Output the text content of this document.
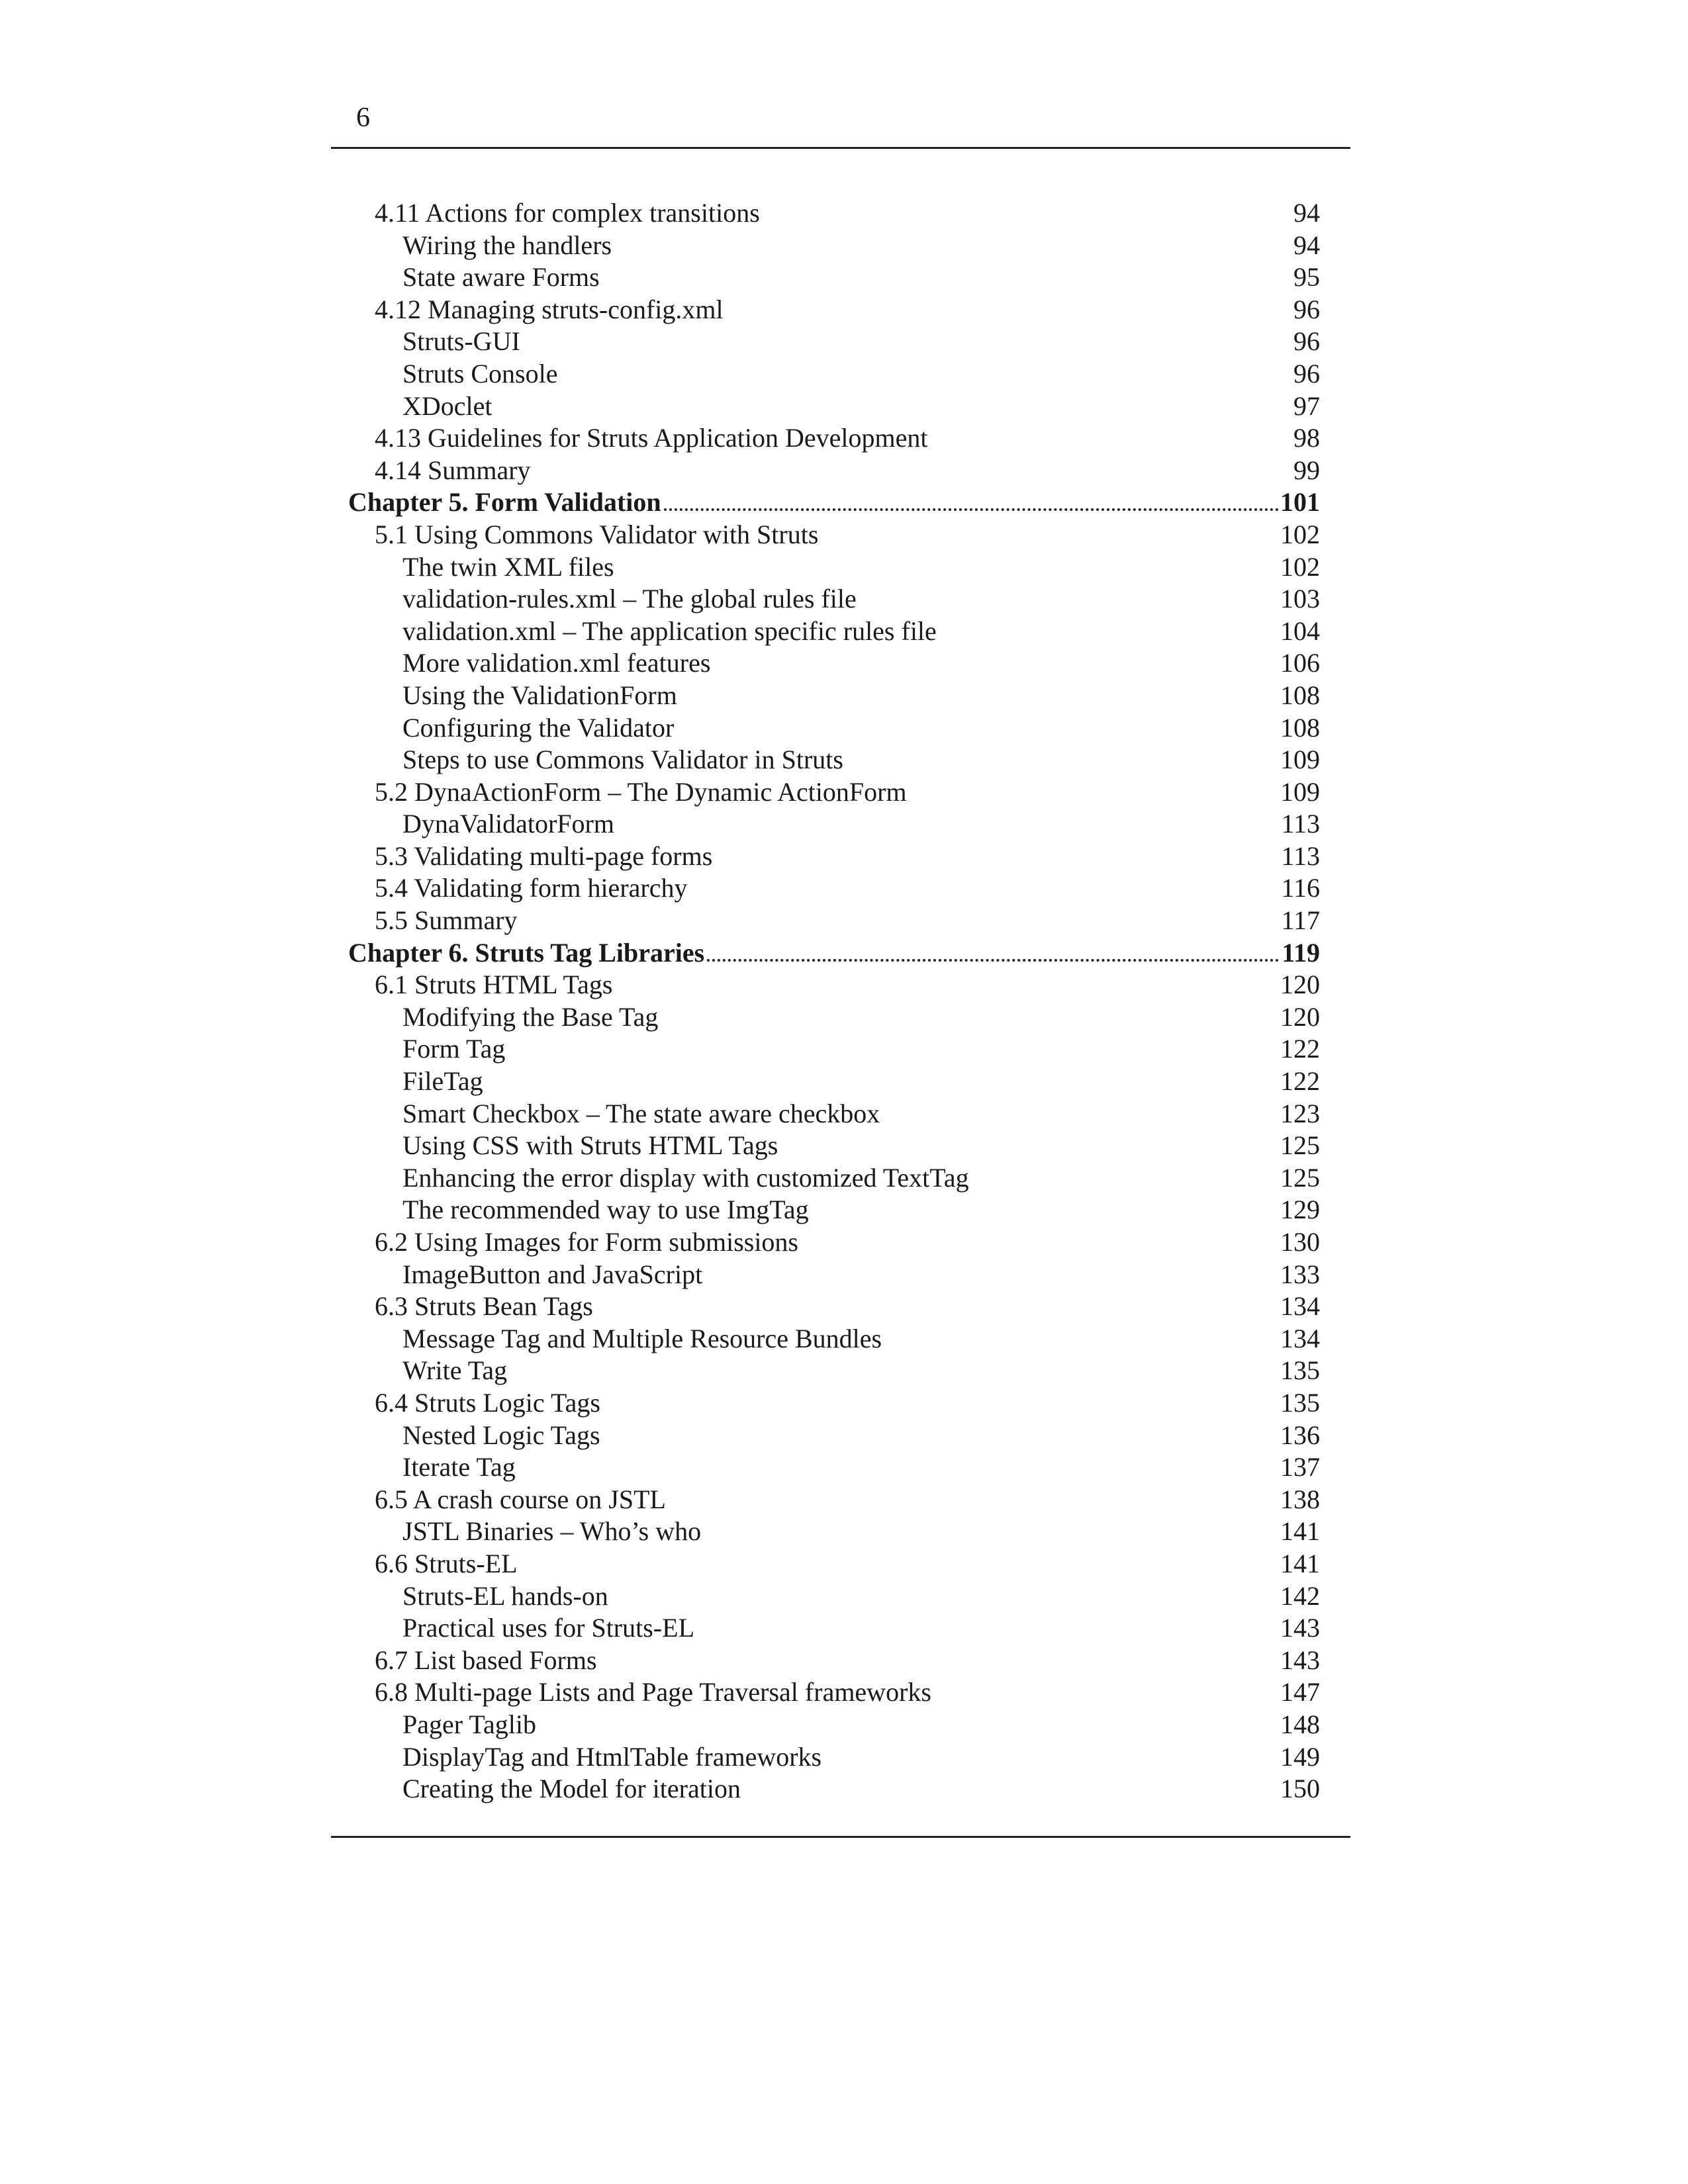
6
4.11 Actions for complex transitions	94
Wiring the handlers	94
State aware Forms	95
4.12 Managing struts-config.xml	96
Struts-GUI	96
Struts Console	96
XDoclet	97
4.13 Guidelines for Struts Application Development	98
4.14 Summary	99
Chapter 5. Form Validation	101
5.1 Using Commons Validator with Struts	102
The twin XML files	102
validation-rules.xml – The global rules file	103
validation.xml – The application specific rules file	104
More validation.xml features	106
Using the ValidationForm	108
Configuring the Validator	108
Steps to use Commons Validator in Struts	109
5.2 DynaActionForm – The Dynamic ActionForm	109
DynaValidatorForm	113
5.3 Validating multi-page forms	113
5.4 Validating form hierarchy	116
5.5 Summary	117
Chapter 6. Struts Tag Libraries	119
6.1 Struts HTML Tags	120
Modifying the Base Tag	120
Form Tag	122
FileTag	122
Smart Checkbox – The state aware checkbox	123
Using CSS with Struts HTML Tags	125
Enhancing the error display with customized TextTag	125
The recommended way to use ImgTag	129
6.2 Using Images for Form submissions	130
ImageButton and JavaScript	133
6.3 Struts Bean Tags	134
Message Tag and Multiple Resource Bundles	134
Write Tag	135
6.4 Struts Logic Tags	135
Nested Logic Tags	136
Iterate Tag	137
6.5 A crash course on JSTL	138
JSTL Binaries – Who’s who	141
6.6 Struts-EL	141
Struts-EL hands-on	142
Practical uses for Struts-EL	143
6.7 List based Forms	143
6.8 Multi-page Lists and Page Traversal frameworks	147
Pager Taglib	148
DisplayTag and HtmlTable frameworks	149
Creating the Model for iteration	150
